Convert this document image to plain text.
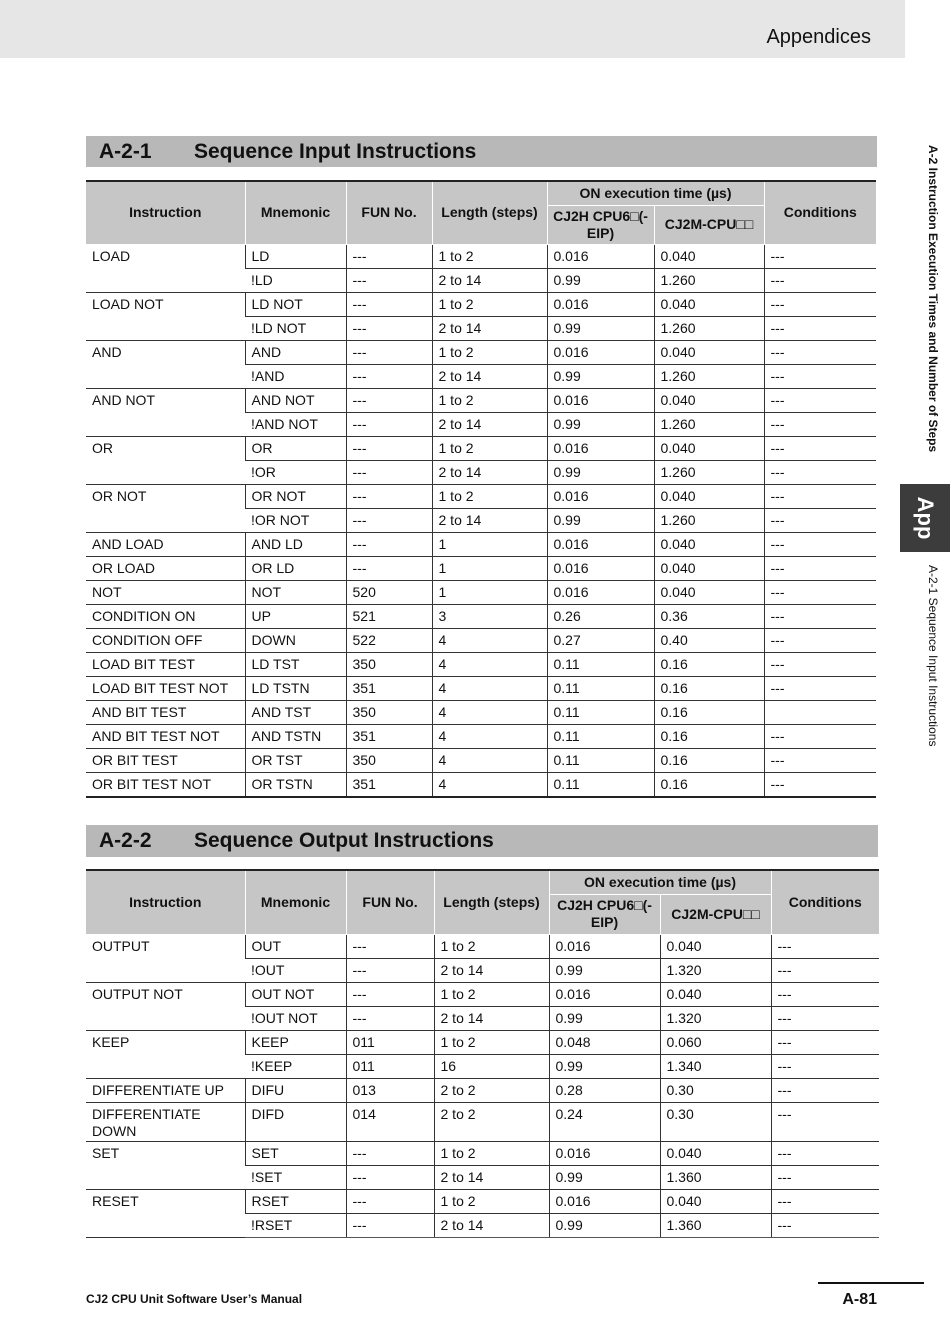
Appendices
A-2 Instruction Execution Times and Number of Steps
App
A-2-1 Sequence Input Instructions
A-2-1 Sequence Input Instructions
Instruction	Mnemonic	FUN No.	Length (steps)	ON execution time (µs)		Conditions
				CJ2H CPU6□(-EIP)	CJ2M-CPU□□	
LOAD	LD	---	1 to 2	0.016	0.040	---
	!LD	---	2 to 14	0.99	1.260	---
LOAD NOT	LD NOT	---	1 to 2	0.016	0.040	---
	!LD NOT	---	2 to 14	0.99	1.260	---
AND	AND	---	1 to 2	0.016	0.040	---
	!AND	---	2 to 14	0.99	1.260	---
AND NOT	AND NOT	---	1 to 2	0.016	0.040	---
	!AND NOT	---	2 to 14	0.99	1.260	---
OR	OR	---	1 to 2	0.016	0.040	---
	!OR	---	2 to 14	0.99	1.260	---
OR NOT	OR NOT	---	1 to 2	0.016	0.040	---
	!OR NOT	---	2 to 14	0.99	1.260	---
AND LOAD	AND LD	---	1	0.016	0.040	---
OR LOAD	OR LD	---	1	0.016	0.040	---
NOT	NOT	520	1	0.016	0.040	---
CONDITION ON	UP	521	3	0.26	0.36	---
CONDITION OFF	DOWN	522	4	0.27	0.40	---
LOAD BIT TEST	LD TST	350	4	0.11	0.16	---
LOAD BIT TEST NOT	LD TSTN	351	4	0.11	0.16	---
AND BIT TEST	AND TST	350	4	0.11	0.16	
AND BIT TEST NOT	AND TSTN	351	4	0.11	0.16	---
OR BIT TEST	OR TST	350	4	0.11	0.16	---
OR BIT TEST NOT	OR TSTN	351	4	0.11	0.16	---
A-2-2 Sequence Output Instructions
Instruction	Mnemonic	FUN No.	Length (steps)	ON execution time (µs)		Conditions
				CJ2H CPU6□(-EIP)	CJ2M-CPU□□	
OUTPUT	OUT	---	1 to 2	0.016	0.040	---
	!OUT	---	2 to 14	0.99	1.320	---
OUTPUT NOT	OUT NOT	---	1 to 2	0.016	0.040	---
	!OUT NOT	---	2 to 14	0.99	1.320	---
KEEP	KEEP	011	1 to 2	0.048	0.060	---
	!KEEP	011	16	0.99	1.340	---
DIFFERENTIATE UP	DIFU	013	2 to 2	0.28	0.30	---
DIFFERENTIATE DOWN	DIFD	014	2 to 2	0.24	0.30	---
SET	SET	---	1 to 2	0.016	0.040	---
	!SET	---	2 to 14	0.99	1.360	---
RESET	RSET	---	1 to 2	0.016	0.040	---
	!RSET	---	2 to 14	0.99	1.360	---
CJ2 CPU Unit Software User’s Manual	A-81
